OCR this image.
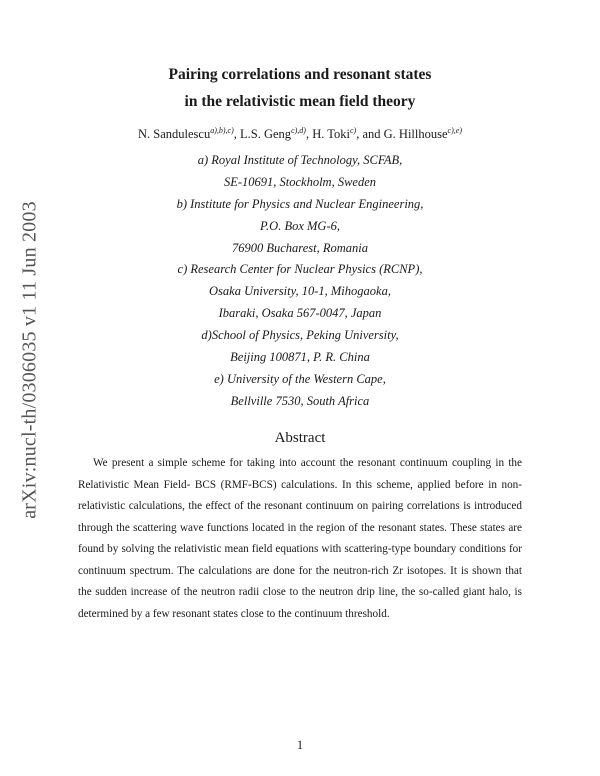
arXiv:nucl-th/0306035 v1 11 Jun 2003
Pairing correlations and resonant states
in the relativistic mean field theory
N. Sandulescu$^{a),b),c)}$, L.S. Geng$^{c),d)}$, H. Toki$^{c)}$, and G. Hillhouse$^{c),e)}$
a) Royal Institute of Technology, SCFAB,
SE-10691, Stockholm, Sweden
b) Institute for Physics and Nuclear Engineering,
P.O. Box MG-6,
76900 Bucharest, Romania
c) Research Center for Nuclear Physics (RCNP),
Osaka University, 10-1, Mihogaoka,
Ibaraki, Osaka 567-0047, Japan
d)School of Physics, Peking University,
Beijing 100871, P. R. China
e) University of the Western Cape,
Bellville 7530, South Africa
Abstract

We present a simple scheme for taking into account the resonant continuum coupling in the Relativistic Mean Field- BCS (RMF-BCS) calculations. In this scheme, applied before in non-relativistic calculations, the effect of the resonant continuum on pairing correlations is introduced through the scattering wave functions located in the region of the resonant states. These states are found by solving the relativistic mean field equations with scattering-type boundary conditions for continuum spectrum. The calculations are done for the neutron-rich Zr isotopes. It is shown that the sudden increase of the neutron radii close to the neutron drip line, the so-called giant halo, is determined by a few resonant states close to the continuum threshold.

1
